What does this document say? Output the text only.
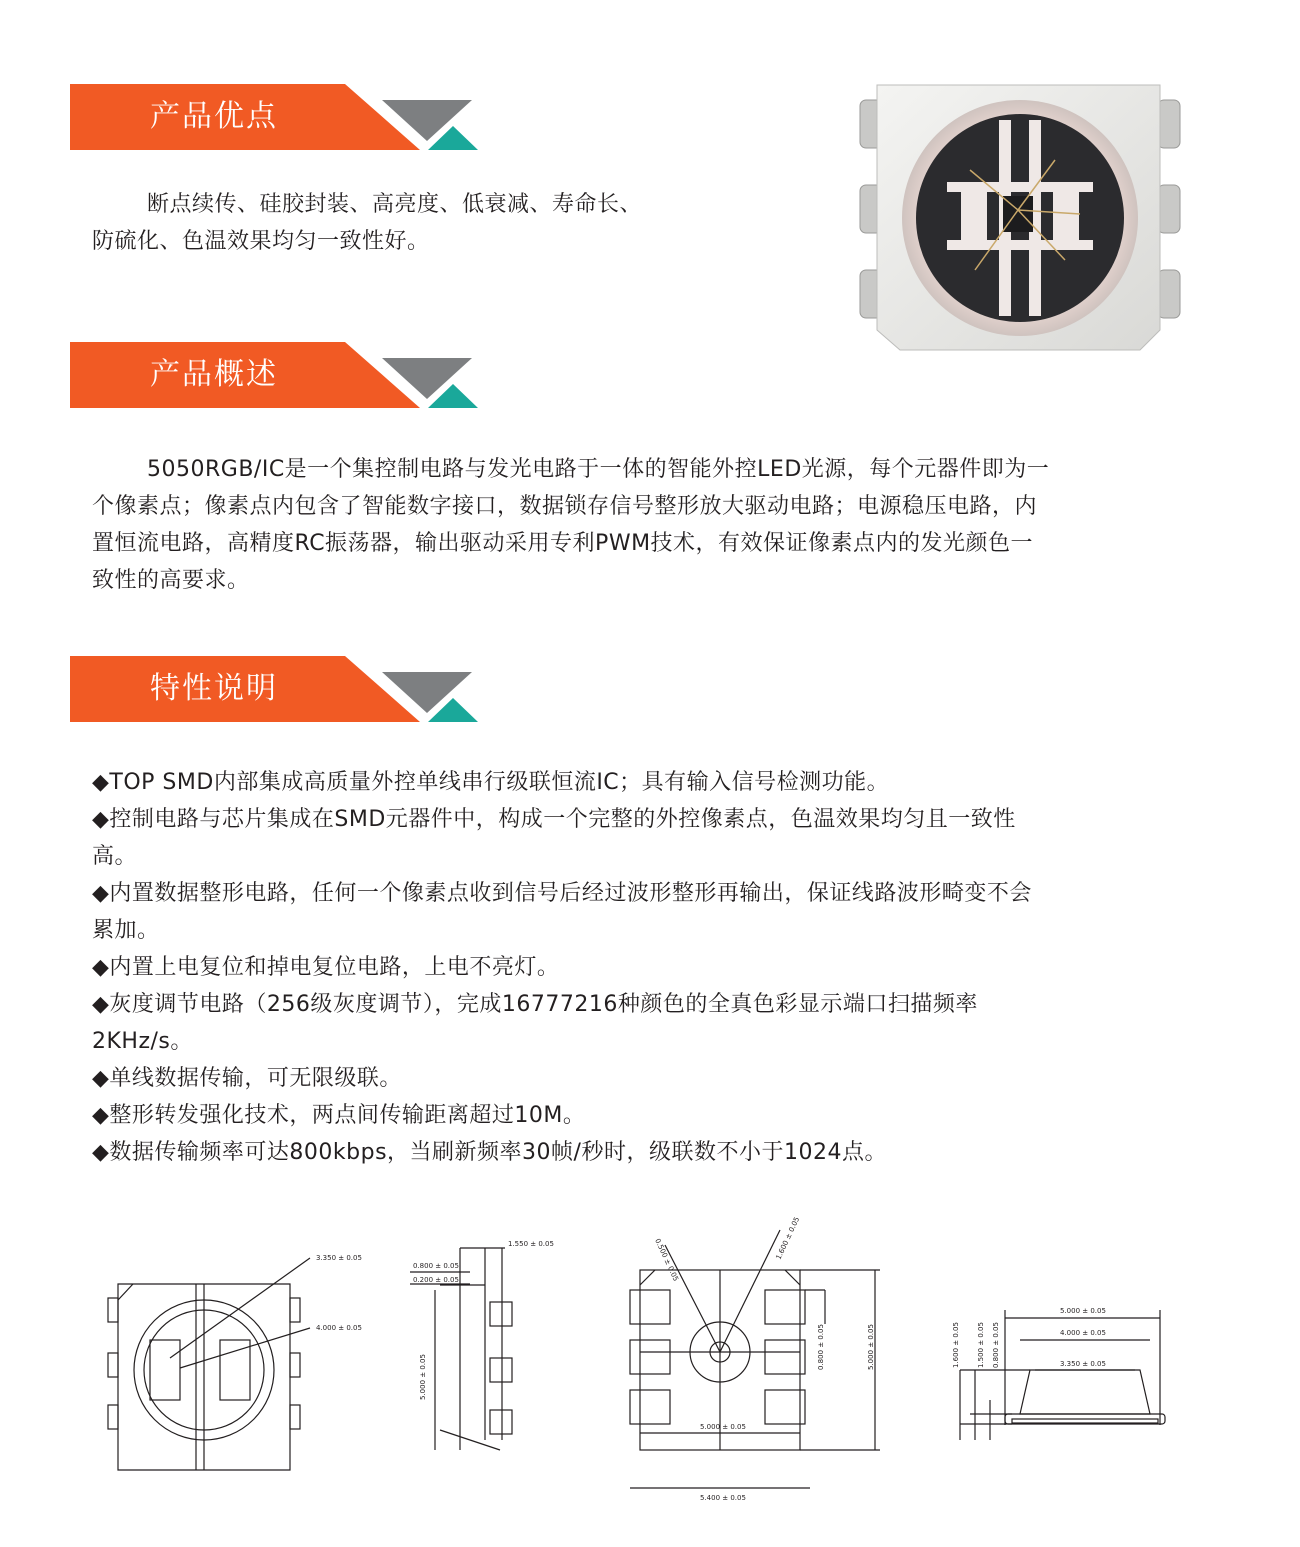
产品优点
断点续传、硅胶封装、高亮度、低衰减、寿命长、
防硫化、色温效果均匀一致性好。
产品概述
5050RGB/IC是一个集控制电路与发光电路于一体的智能外控LED光源，每个元器件即为一
个像素点；像素点内包含了智能数字接口，数据锁存信号整形放大驱动电路；电源稳压电路，内
置恒流电路，高精度RC振荡器，输出驱动采用专利PWM技术，有效保证像素点内的发光颜色一
致性的高要求。
特性说明
◆TOP SMD内部集成高质量外控单线串行级联恒流IC；具有输入信号检测功能。
◆控制电路与芯片集成在SMD元器件中，构成一个完整的外控像素点，色温效果均匀且一致性
高。
◆内置数据整形电路，任何一个像素点收到信号后经过波形整形再输出，保证线路波形畸变不会
累加。
◆内置上电复位和掉电复位电路，上电不亮灯。
◆灰度调节电路（256级灰度调节），完成16777216种颜色的全真色彩显示端口扫描频率
2KHz/s。
◆单线数据传输，可无限级联。
◆整形转发强化技术，两点间传输距离超过10M。
◆数据传输频率可达800kbps，当刷新频率30帧/秒时，级联数不小于1024点。
3.350 ± 0.05
4.000 ± 0.05
0.800 ± 0.05
0.200 ± 0.05
5.000 ± 0.05
1.550 ± 0.05	0.500 ± 0.05	1.600 ± 0.05
0.800 ± 0.05	5.000 ± 0.05
5.000 ± 0.05
5.400 ± 0.05
5.000 ± 0.05
4.000 ± 0.05
3.350 ± 0.05
1.600 ± 0.05 1.500 ± 0.05 0.800 ± 0.05
